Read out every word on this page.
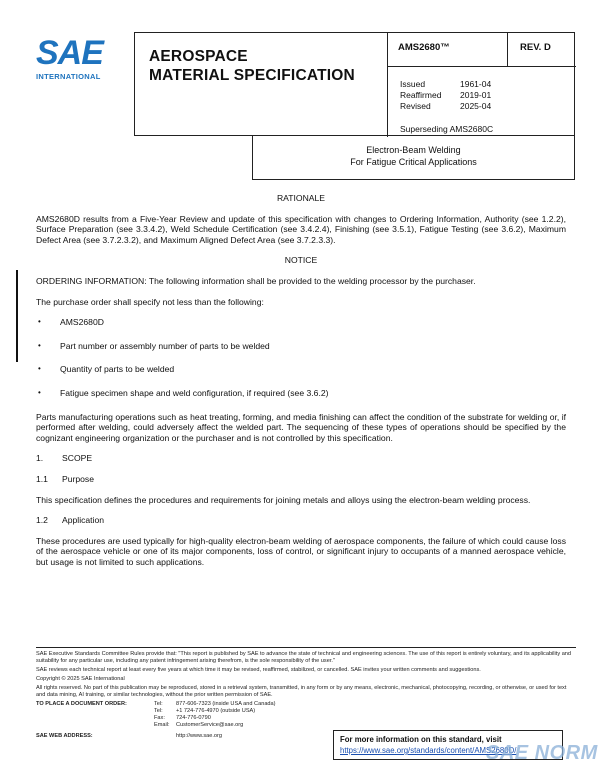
SAE
INTERNATIONAL
AEROSPACE
MATERIAL SPECIFICATION
AMS2680™	REV. D
Issued	1961-04
Reaffirmed	2019-01
Revised	2025-04
Superseding AMS2680C
Electron-Beam Welding
For Fatigue Critical Applications
RATIONALE
AMS2680D results from a Five-Year Review and update of this specification with changes to Ordering Information, Authority (see 1.2.2), Surface Preparation (see 3.3.4.2), Weld Schedule Certification (see 3.4.2.4), Finishing (see 3.5.1), Fatigue Testing (see 3.6.2), Maximum Defect Area (see 3.7.2.3.2), and Maximum Aligned Defect Area (see 3.7.2.3.3).
NOTICE
ORDERING INFORMATION: The following information shall be provided to the welding processor by the purchaser.
The purchase order shall specify not less than the following:
•	AMS2680D
•	Part number or assembly number of parts to be welded
•	Quantity of parts to be welded
•	Fatigue specimen shape and weld configuration, if required (see 3.6.2)
Parts manufacturing operations such as heat treating, forming, and media finishing can affect the condition of the substrate for welding or, if performed after welding, could adversely affect the welded part. The sequencing of these types of operations should be specified by the cognizant engineering organization or the purchaser and is not controlled by this specification.
1.	SCOPE
1.1	Purpose
This specification defines the procedures and requirements for joining metals and alloys using the electron-beam welding process.
1.2	Application
These procedures are used typically for high-quality electron-beam welding of aerospace components, the failure of which could cause loss of the aerospace vehicle or one of its major components, loss of control, or significant injury to occupants of a manned aerospace vehicle, but usage is not limited to such applications.

SAE Executive Standards Committee Rules provide that: "This report is published by SAE to advance the state of technical and engineering sciences. The use of this report is entirely voluntary, and its applicability and suitability for any particular use, including any patent infringement arising therefrom, is the sole responsibility of the user."

SAE reviews each technical report at least every five years at which time it may be revised, reaffirmed, stabilized, or cancelled. SAE invites your written comments and suggestions.

Copyright © 2025 SAE International

All rights reserved. No part of this publication may be reproduced, stored in a retrieval system, transmitted, in any form or by any means, electronic, mechanical, photocopying, recording, or otherwise, or used for text and data mining, AI training, or similar technologies, without the prior written permission of SAE.

TO PLACE A DOCUMENT ORDER:	Tel:	877-606-7323 (inside USA and Canada)
Tel:	+1 724-776-4970 (outside USA)
Fax:	724-776-0790
Email:	CustomerService@sae.org
SAE WEB ADDRESS:	http://www.sae.org	For more information on this standard, visit
https://www.sae.org/standards/content/AMS2680D/
SAE NORM
